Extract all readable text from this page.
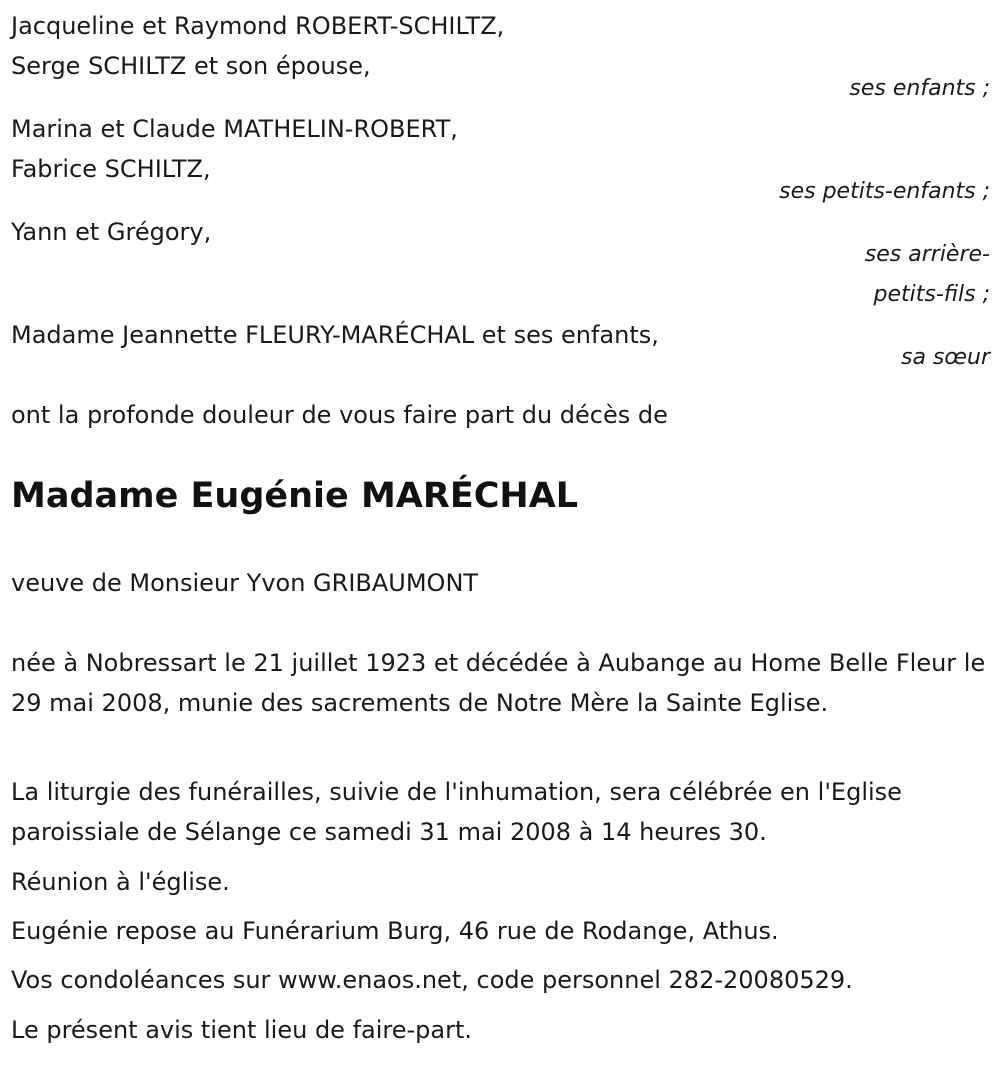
Jacqueline et Raymond ROBERT-SCHILTZ,

Serge SCHILTZ et son épouse,

ses enfants ;

Marina et Claude MATHELIN-ROBERT,

Fabrice SCHILTZ,

ses petits-enfants ;

Yann et Grégory,

ses arrière-

petits-fils ;

Madame Jeannette FLEURY-MARÉCHAL et ses enfants,

sa sœur

ont la profonde douleur de vous faire part du décès de

Madame Eugénie MARÉCHAL

veuve de Monsieur Yvon GRIBAUMONT

née à Nobressart le 21 juillet 1923 et décédée à Aubange au Home Belle Fleur le 29 mai 2008, munie des sacrements de Notre Mère la Sainte Eglise.

La liturgie des funérailles, suivie de l'inhumation, sera célébrée en l'Eglise paroissiale de Sélange ce samedi 31 mai 2008 à 14 heures 30.

Réunion à l'église.

Eugénie repose au Funérarium Burg, 46 rue de Rodange, Athus.

Vos condoléances sur www.enaos.net, code personnel 282-20080529.

Le présent avis tient lieu de faire-part.
